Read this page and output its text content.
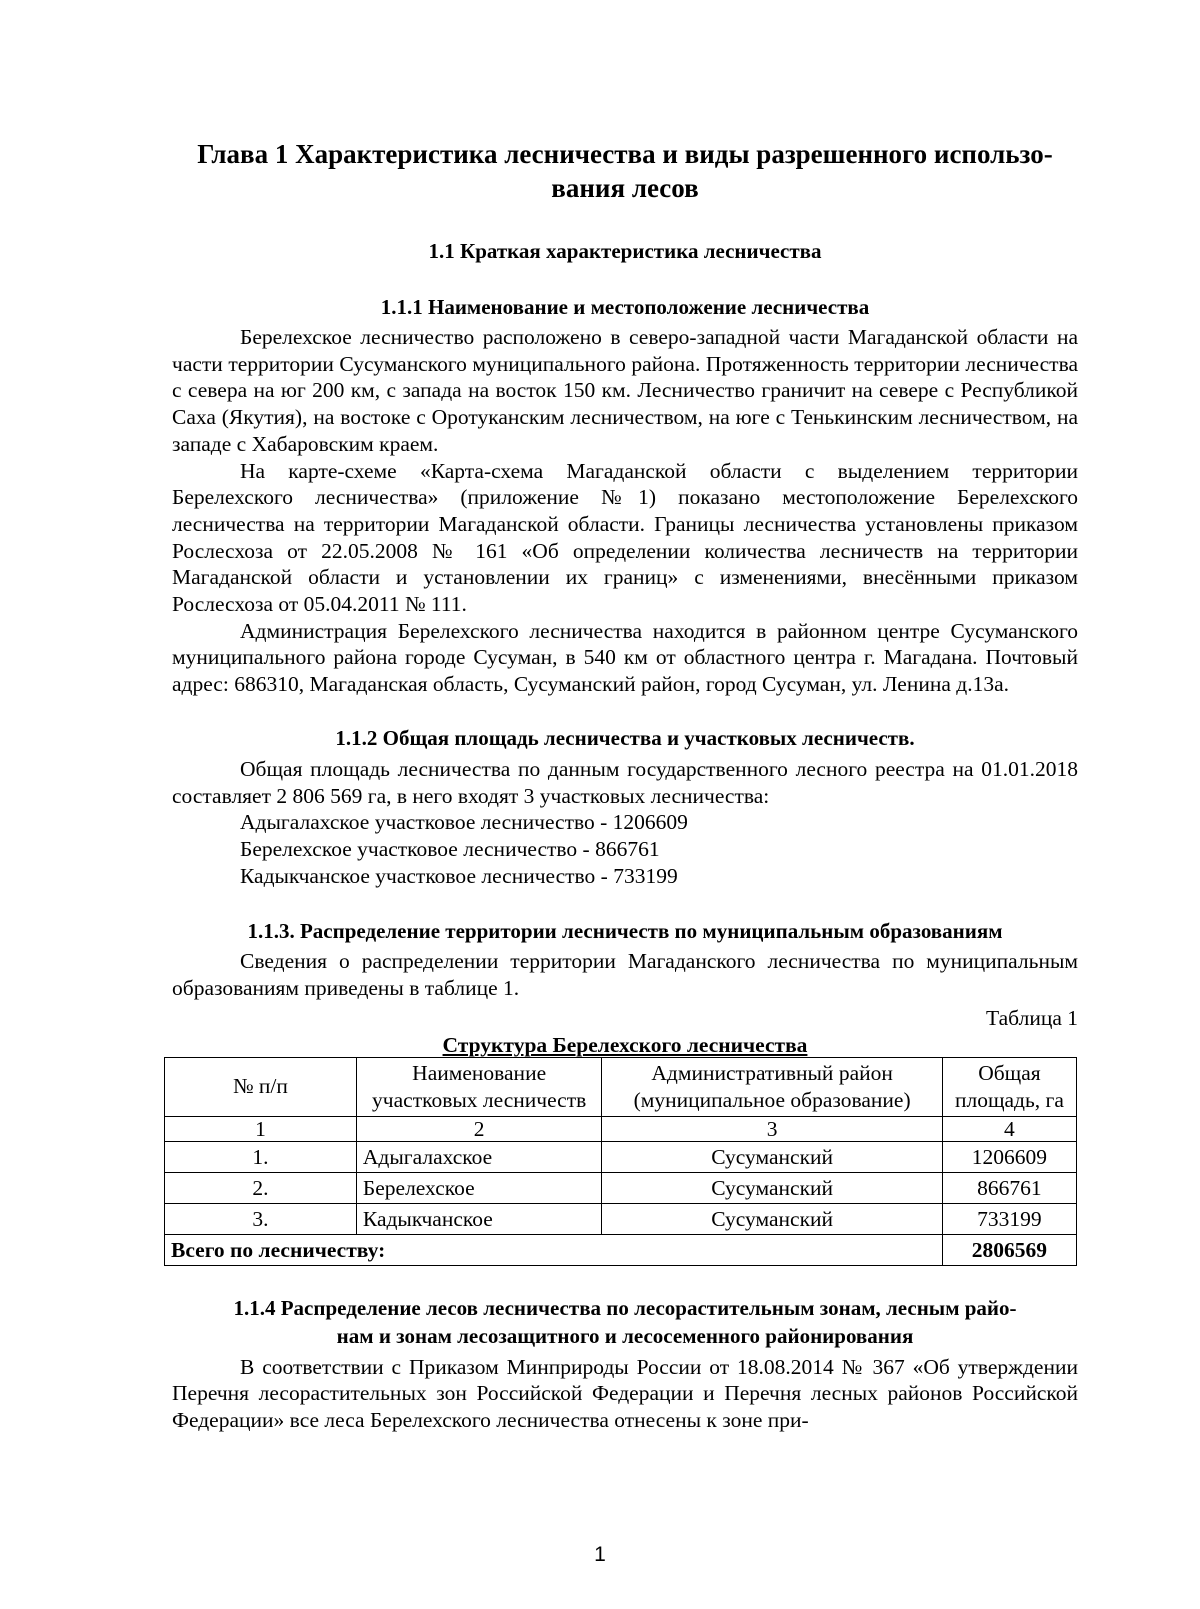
Глава 1 Характеристика лесничества и виды разрешенного использо-
вания лесов
1.1 Краткая характеристика лесничества
1.1.1 Наименование и местоположение лесничества

Берелехское лесничество расположено в северо-западной части Магаданской области на части территории Сусуманского муниципального района. Протяженность территории лесничества с севера на юг 200 км, с запада на восток 150 км. Лесничество граничит на севере с Республикой Саха (Якутия), на востоке с Оротуканским лесничеством, на юге с Тенькинским лесничеством, на западе с Хабаровским краем.

На карте-схеме «Карта-схема Магаданской области с выделением территории Берелехского лесничества» (приложение №1) показано местоположение Берелехского лесничества на территории Магаданской области. Границы лесничества установлены приказом Рослесхоза от 22.05.2008 № 161 «Об определении количества лесничеств на территории Магаданской области и установлении их границ» с изменениями, внесёнными приказом Рослесхоза от 05.04.2011 № 111.

Администрация Берелехского лесничества находится в районном центре Сусуманского муниципального района городе Сусуман, в 540 км от областного центра г. Магадана. Почтовый адрес: 686310, Магаданская область, Сусуманский район, город Сусуман, ул. Ленина д.13а.

1.1.2 Общая площадь лесничества и участковых лесничеств.

Общая площадь лесничества по данным государственного лесного реестра на 01.01.2018 составляет 2 806 569 га, в него входят 3 участковых лесничества:

Адыгалахское участковое лесничество - 1206609
Берелехское участковое лесничество - 866761
Кадыкчанское участковое лесничество - 733199
1.1.3. Распределение территории лесничеств по муниципальным образованиям

Сведения о распределении территории Магаданского лесничества по муниципальным образованиям приведены в таблице 1.

Таблица 1
Структура Берелехского лесничества
№ п/п	Наименование участковых лесничеств	Административный район (муниципальное образование)	Общая площадь, га
1	2	3	4
1.	Адыгалахское	Сусуманский	1206609
2.	Берелехское	Сусуманский	866761
3.	Кадыкчанское	Сусуманский	733199
Всего по лесничеству:			2806569
1.1.4 Распределение лесов лесничества по лесорастительным зонам, лесным райо-
нам и зонам лесозащитного и лесосеменного районирования

В соответствии с Приказом Минприроды России от 18.08.2014 № 367 «Об утверждении Перечня лесорастительных зон Российской Федерации и Перечня лесных районов Российской Федерации» все леса Берелехского лесничества отнесены к зоне при-

1
